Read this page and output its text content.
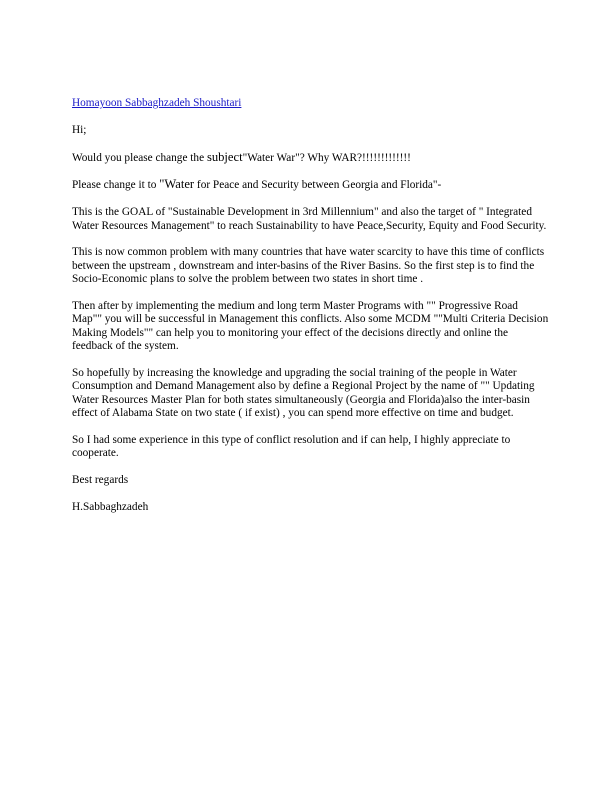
Homayoon Sabbaghzadeh Shoushtari

Hi;

Would you please change the subject"Water War"? Why WAR?!!!!!!!!!!!!!

Please change it to "Water for Peace and Security between Georgia and Florida"-

This is the GOAL of "Sustainable Development in 3rd Millennium" and also the target of " Integrated Water Resources Management" to reach Sustainability to have Peace,Security, Equity and Food Security.

This is now common problem with many countries that have water scarcity to have this time of conflicts between the upstream , downstream and inter-basins of the River Basins. So the first step is to find the Socio-Economic plans to solve the problem between two states in short time .

Then after by implementing the medium and long term Master Programs with "" Progressive Road Map"" you will be successful in Management this conflicts. Also some MCDM ""Multi Criteria Decision Making Models"" can help you to monitoring your effect of the decisions directly and online the feedback of the system.

So hopefully by increasing the knowledge and upgrading the social training of the people in Water Consumption and Demand Management also by define a Regional Project by the name of "" Updating Water Resources Master Plan for both states simultaneously (Georgia and Florida)also the inter-basin effect of Alabama State on two state ( if exist) , you can spend more effective on time and budget.

So I had some experience in this type of conflict resolution and if can help, I highly appreciate to cooperate.

Best regards

H.Sabbaghzadeh
